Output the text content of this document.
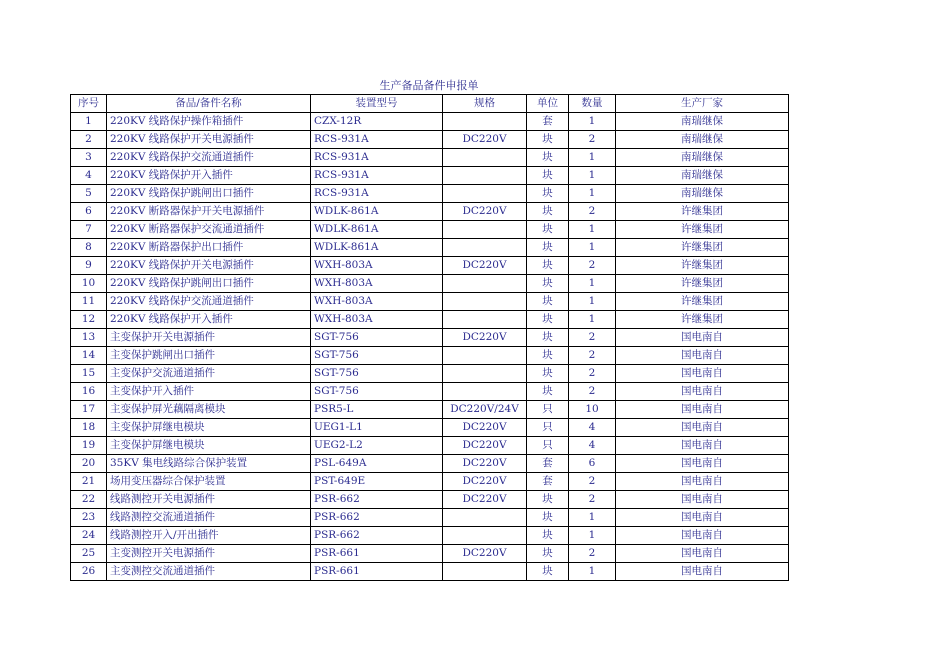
生产备品备件申报单
序号	备品/备件名称	装置型号	规格	单位	数量	生产厂家
1	220KV 线路保护操作箱插件	CZX-12R		套	1	南瑞继保
2	220KV 线路保护开关电源插件	RCS-931A	DC220V	块	2	南瑞继保
3	220KV 线路保护交流通道插件	RCS-931A		块	1	南瑞继保
4	220KV 线路保护开入插件	RCS-931A		块	1	南瑞继保
5	220KV 线路保护跳闸出口插件	RCS-931A		块	1	南瑞继保
6	220KV 断路器保护开关电源插件	WDLK-861A	DC220V	块	2	许继集团
7	220KV 断路器保护交流通道插件	WDLK-861A		块	1	许继集团
8	220KV 断路器保护出口插件	WDLK-861A		块	1	许继集团
9	220KV 线路保护开关电源插件	WXH-803A	DC220V	块	2	许继集团
10	220KV 线路保护跳闸出口插件	WXH-803A		块	1	许继集团
11	220KV 线路保护交流通道插件	WXH-803A		块	1	许继集团
12	220KV 线路保护开入插件	WXH-803A		块	1	许继集团
13	主变保护开关电源插件	SGT-756	DC220V	块	2	国电南自
14	主变保护跳闸出口插件	SGT-756		块	2	国电南自
15	主变保护交流通道插件	SGT-756		块	2	国电南自
16	主变保护开入插件	SGT-756		块	2	国电南自
17	主变保护屏光藕隔离模块	PSR5-L	DC220V/24V	只	10	国电南自
18	主变保护屏继电模块	UEG1-L1	DC220V	只	4	国电南自
19	主变保护屏继电模块	UEG2-L2	DC220V	只	4	国电南自
20	35KV 集电线路综合保护装置	PSL-649A	DC220V	套	6	国电南自
21	场用变压器综合保护装置	PST-649E	DC220V	套	2	国电南自
22	线路测控开关电源插件	PSR-662	DC220V	块	2	国电南自
23	线路测控交流通道插件	PSR-662		块	1	国电南自
24	线路测控开入/开出插件	PSR-662		块	1	国电南自
25	主变测控开关电源插件	PSR-661	DC220V	块	2	国电南自
26	主变测控交流通道插件	PSR-661		块	1	国电南自
